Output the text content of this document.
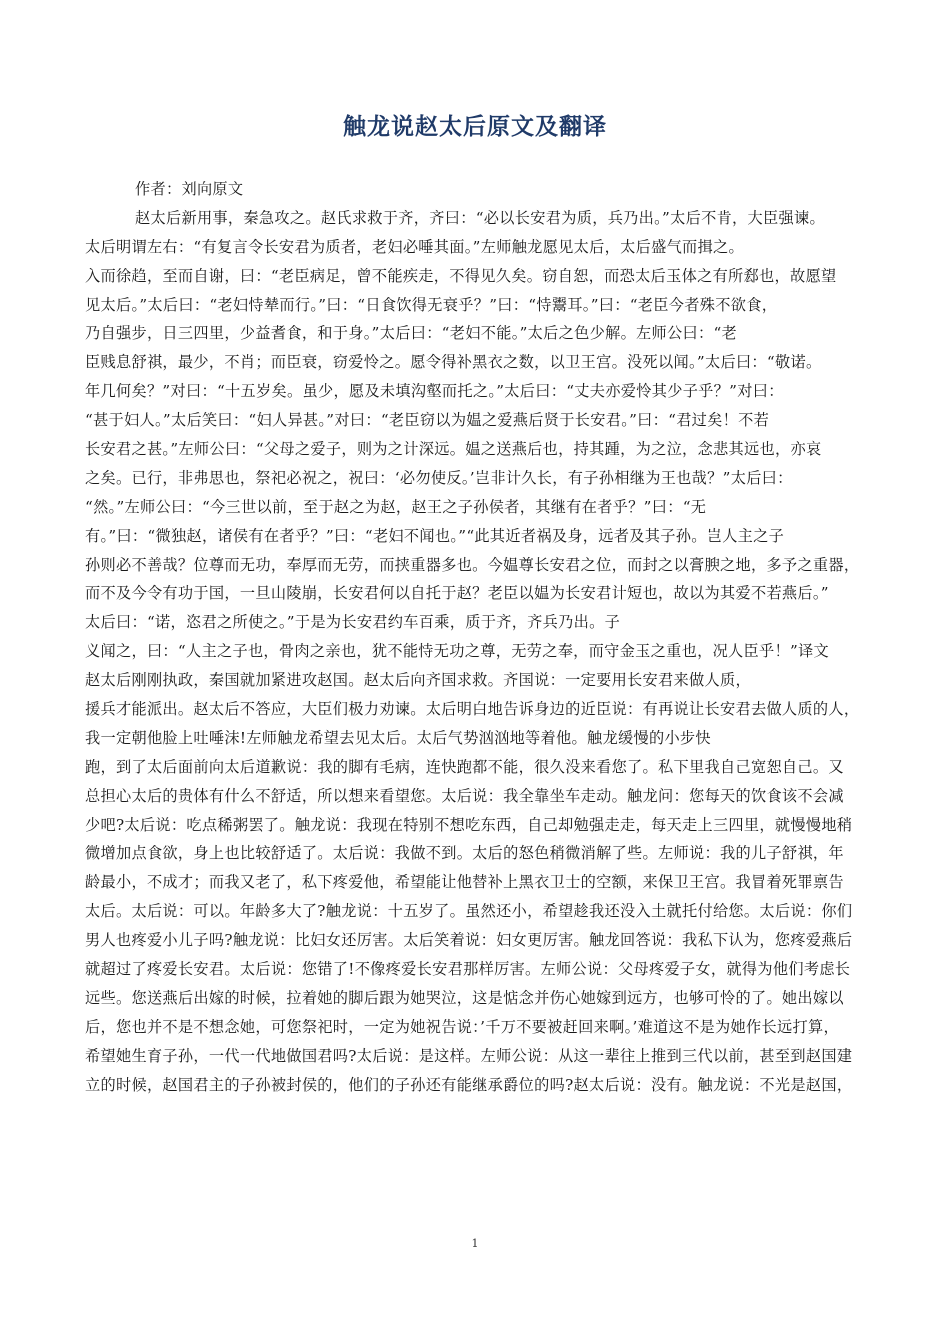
触龙说赵太后原文及翻译
作者：刘向原文
赵太后新用事，秦急攻之。赵氏求救于齐，齐曰：“必以长安君为质，兵乃出。”太后不肯，大臣强谏。
太后明谓左右：“有复言令长安君为质者，老妇必唾其面。”左师触龙愿见太后，太后盛气而揖之。
入而徐趋，至而自谢，曰：“老臣病足，曾不能疾走，不得见久矣。窃自恕，而恐太后玉体之有所郄也，故愿望
见太后。”太后曰：“老妇恃辇而行。”曰：“日食饮得无衰乎？”曰：“恃鬻耳。”曰：“老臣今者殊不欲食，
乃自强步，日三四里，少益耆食，和于身。”太后曰：“老妇不能。”太后之色少解。左师公曰：“老
臣贱息舒祺，最少，不肖；而臣衰，窃爱怜之。愿令得补黑衣之数，以卫王宫。没死以闻。”太后曰：“敬诺。
年几何矣？”对曰：“十五岁矣。虽少，愿及未填沟壑而托之。”太后曰：“丈夫亦爱怜其少子乎？”对曰：
“甚于妇人。”太后笑曰：“妇人异甚。”对曰：“老臣窃以为媪之爱燕后贤于长安君。”曰：“君过矣！不若
长安君之甚。”左师公曰：“父母之爱子，则为之计深远。媪之送燕后也，持其踵，为之泣，念悲其远也，亦哀
之矣。已行，非弗思也，祭祀必祝之，祝曰：‘必勿使反。’岂非计久长，有子孙相继为王也哉？”太后曰：
“然。”左师公曰：“今三世以前，至于赵之为赵，赵王之子孙侯者，其继有在者乎？”曰：“无
有。”曰：“微独赵，诸侯有在者乎？”曰：“老妇不闻也。”“此其近者祸及身，远者及其子孙。岂人主之子
孙则必不善哉？位尊而无功，奉厚而无劳，而挟重器多也。今媪尊长安君之位，而封之以膏腴之地，多予之重器，
而不及今令有功于国，一旦山陵崩，长安君何以自托于赵？老臣以媪为长安君计短也，故以为其爱不若燕后。”
太后曰：“诺，恣君之所使之。”于是为长安君约车百乘，质于齐，齐兵乃出。子
义闻之，曰：“人主之子也，骨肉之亲也，犹不能恃无功之尊，无劳之奉，而守金玉之重也，况人臣乎！”译文
赵太后刚刚执政，秦国就加紧进攻赵国。赵太后向齐国求救。齐国说：一定要用长安君来做人质，
援兵才能派出。赵太后不答应，大臣们极力劝谏。太后明白地告诉身边的近臣说：有再说让长安君去做人质的人，
我一定朝他脸上吐唾沫!左师触龙希望去见太后。太后气势汹汹地等着他。触龙缓慢的小步快
跑，到了太后面前向太后道歉说：我的脚有毛病，连快跑都不能，很久没来看您了。私下里我自己宽恕自己。又
总担心太后的贵体有什么不舒适，所以想来看望您。太后说：我全靠坐车走动。触龙问：您每天的饮食该不会减
少吧?太后说：吃点稀粥罢了。触龙说：我现在特别不想吃东西，自己却勉强走走，每天走上三四里，就慢慢地稍
微增加点食欲，身上也比较舒适了。太后说：我做不到。太后的怒色稍微消解了些。左师说：我的儿子舒祺，年
龄最小，不成才；而我又老了，私下疼爱他，希望能让他替补上黑衣卫士的空额，来保卫王宫。我冒着死罪禀告
太后。太后说：可以。年龄多大了?触龙说：十五岁了。虽然还小，希望趁我还没入土就托付给您。太后说：你们
男人也疼爱小儿子吗?触龙说：比妇女还厉害。太后笑着说：妇女更厉害。触龙回答说：我私下认为，您疼爱燕后
就超过了疼爱长安君。太后说：您错了!不像疼爱长安君那样厉害。左师公说：父母疼爱子女，就得为他们考虑长
远些。您送燕后出嫁的时候，拉着她的脚后跟为她哭泣，这是惦念并伤心她嫁到远方，也够可怜的了。她出嫁以
后，您也并不是不想念她，可您祭祀时，一定为她祝告说：’千万不要被赶回来啊。’难道这不是为她作长远打算，
希望她生育子孙，一代一代地做国君吗?太后说：是这样。左师公说：从这一辈往上推到三代以前，甚至到赵国建
立的时候，赵国君主的子孙被封侯的，他们的子孙还有能继承爵位的吗?赵太后说：没有。触龙说：不光是赵国，
1
